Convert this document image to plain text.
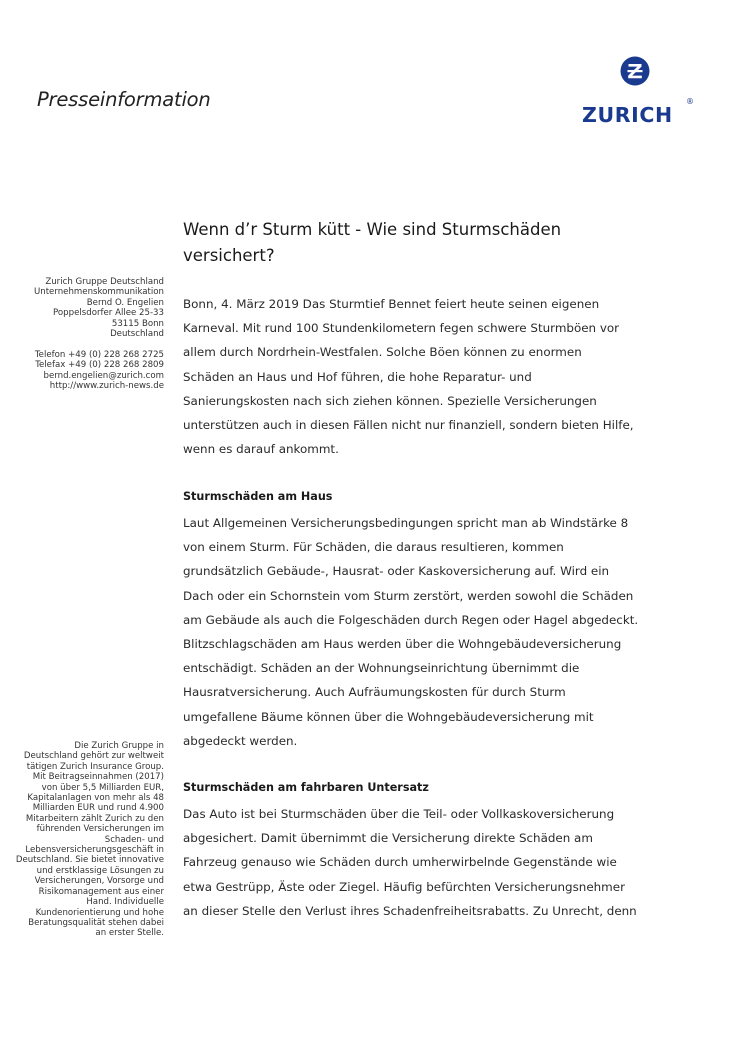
Presseinformation
ZURICH
®
Wenn d’r Sturm kütt - Wie sind Sturmschäden versichert?
Zurich Gruppe Deutschland
Unternehmenskommunikation
Bernd O. Engelien
Poppelsdorfer Allee 25-33
53115 Bonn
Deutschland

Telefon +49 (0) 228 268 2725
Telefax +49 (0) 228 268 2809
bernd.engelien@zurich.com
http://www.zurich-news.de
Die Zurich Gruppe in
Deutschland gehört zur weltweit
tätigen Zurich Insurance Group.
Mit Beitragseinnahmen (2017)
von über 5,5 Milliarden EUR,
Kapitalanlagen von mehr als 48
Milliarden EUR und rund 4.900
Mitarbeitern zählt Zurich zu den
führenden Versicherungen im
Schaden- und
Lebensversicherungsgeschäft in
Deutschland. Sie bietet innovative
und erstklassige Lösungen zu
Versicherungen, Vorsorge und
Risikomanagement aus einer
Hand. Individuelle
Kundenorientierung und hohe
Beratungsqualität stehen dabei
an erster Stelle.
Bonn, 4. März 2019 Das Sturmtief Bennet feiert heute seinen eigenen
Karneval. Mit rund 100 Stundenkilometern fegen schwere Sturmböen vor
allem durch Nordrhein-Westfalen. Solche Böen können zu enormen
Schäden an Haus und Hof führen, die hohe Reparatur- und
Sanierungskosten nach sich ziehen können. Spezielle Versicherungen
unterstützen auch in diesen Fällen nicht nur finanziell, sondern bieten Hilfe,
wenn es darauf ankommt.
Sturmschäden am Haus
Laut Allgemeinen Versicherungsbedingungen spricht man ab Windstärke 8
von einem Sturm. Für Schäden, die daraus resultieren, kommen
grundsätzlich Gebäude-, Hausrat- oder Kaskoversicherung auf. Wird ein
Dach oder ein Schornstein vom Sturm zerstört, werden sowohl die Schäden
am Gebäude als auch die Folgeschäden durch Regen oder Hagel abgedeckt.
Blitzschlagschäden am Haus werden über die Wohngebäudeversicherung
entschädigt. Schäden an der Wohnungseinrichtung übernimmt die
Hausratversicherung. Auch Aufräumungskosten für durch Sturm
umgefallene Bäume können über die Wohngebäudeversicherung mit
abgedeckt werden.
Sturmschäden am fahrbaren Untersatz
Das Auto ist bei Sturmschäden über die Teil- oder Vollkaskoversicherung
abgesichert. Damit übernimmt die Versicherung direkte Schäden am
Fahrzeug genauso wie Schäden durch umherwirbelnde Gegenstände wie
etwa Gestrüpp, Äste oder Ziegel. Häufig befürchten Versicherungsnehmer
an dieser Stelle den Verlust ihres Schadenfreiheitsrabatts. Zu Unrecht, denn
